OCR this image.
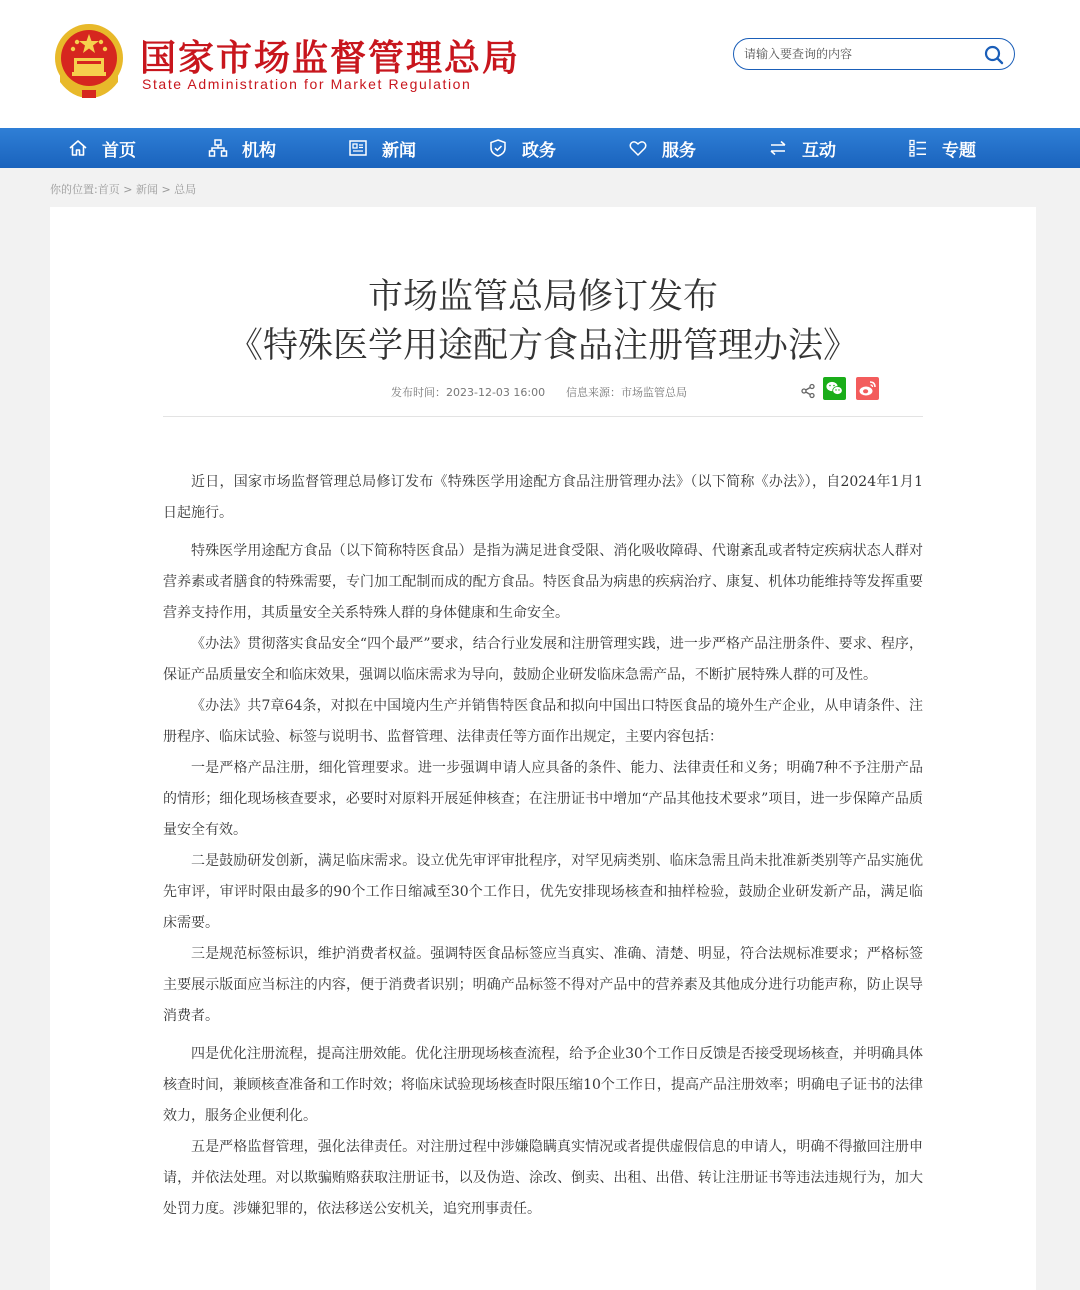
国家市场监督管理总局
State Administration for Market Regulation
请输入要查询的内容
首页	机构	新闻	政务	服务	互动	专题
你的位置:首页 > 新闻 > 总局
市场监管总局修订发布
《特殊医学用途配方食品注册管理办法》
发布时间：2023-12-03 16:00 信息来源：市场监管总局

近日，国家市场监督管理总局修订发布《特殊医学用途配方食品注册管理办法》（以下简称《办法》），自2024年1月1日起施行。

特殊医学用途配方食品（以下简称特医食品）是指为满足进食受限、消化吸收障碍、代谢紊乱或者特定疾病状态人群对营养素或者膳食的特殊需要，专门加工配制而成的配方食品。特医食品为病患的疾病治疗、康复、机体功能维持等发挥重要营养支持作用，其质量安全关系特殊人群的身体健康和生命安全。

《办法》贯彻落实食品安全“四个最严”要求，结合行业发展和注册管理实践，进一步严格产品注册条件、要求、程序，保证产品质量安全和临床效果，强调以临床需求为导向，鼓励企业研发临床急需产品，不断扩展特殊人群的可及性。

《办法》共7章64条，对拟在中国境内生产并销售特医食品和拟向中国出口特医食品的境外生产企业，从申请条件、注册程序、临床试验、标签与说明书、监督管理、法律责任等方面作出规定，主要内容包括：

一是严格产品注册，细化管理要求。进一步强调申请人应具备的条件、能力、法律责任和义务；明确7种不予注册产品的情形；细化现场核查要求，必要时对原料开展延伸核查；在注册证书中增加“产品其他技术要求”项目，进一步保障产品质量安全有效。

二是鼓励研发创新，满足临床需求。设立优先审评审批程序，对罕见病类别、临床急需且尚未批准新类别等产品实施优先审评，审评时限由最多的90个工作日缩减至30个工作日，优先安排现场核查和抽样检验，鼓励企业研发新产品，满足临床需要。

三是规范标签标识，维护消费者权益。强调特医食品标签应当真实、准确、清楚、明显，符合法规标准要求；严格标签主要展示版面应当标注的内容，便于消费者识别；明确产品标签不得对产品中的营养素及其他成分进行功能声称，防止误导消费者。

四是优化注册流程，提高注册效能。优化注册现场核查流程，给予企业30个工作日反馈是否接受现场核查，并明确具体核查时间，兼顾核查准备和工作时效；将临床试验现场核查时限压缩10个工作日，提高产品注册效率；明确电子证书的法律效力，服务企业便利化。

五是严格监督管理，强化法律责任。对注册过程中涉嫌隐瞒真实情况或者提供虚假信息的申请人，明确不得撤回注册申请，并依法处理。对以欺骗贿赂获取注册证书，以及伪造、涂改、倒卖、出租、出借、转让注册证书等违法违规行为，加大处罚力度。涉嫌犯罪的，依法移送公安机关，追究刑事责任。
